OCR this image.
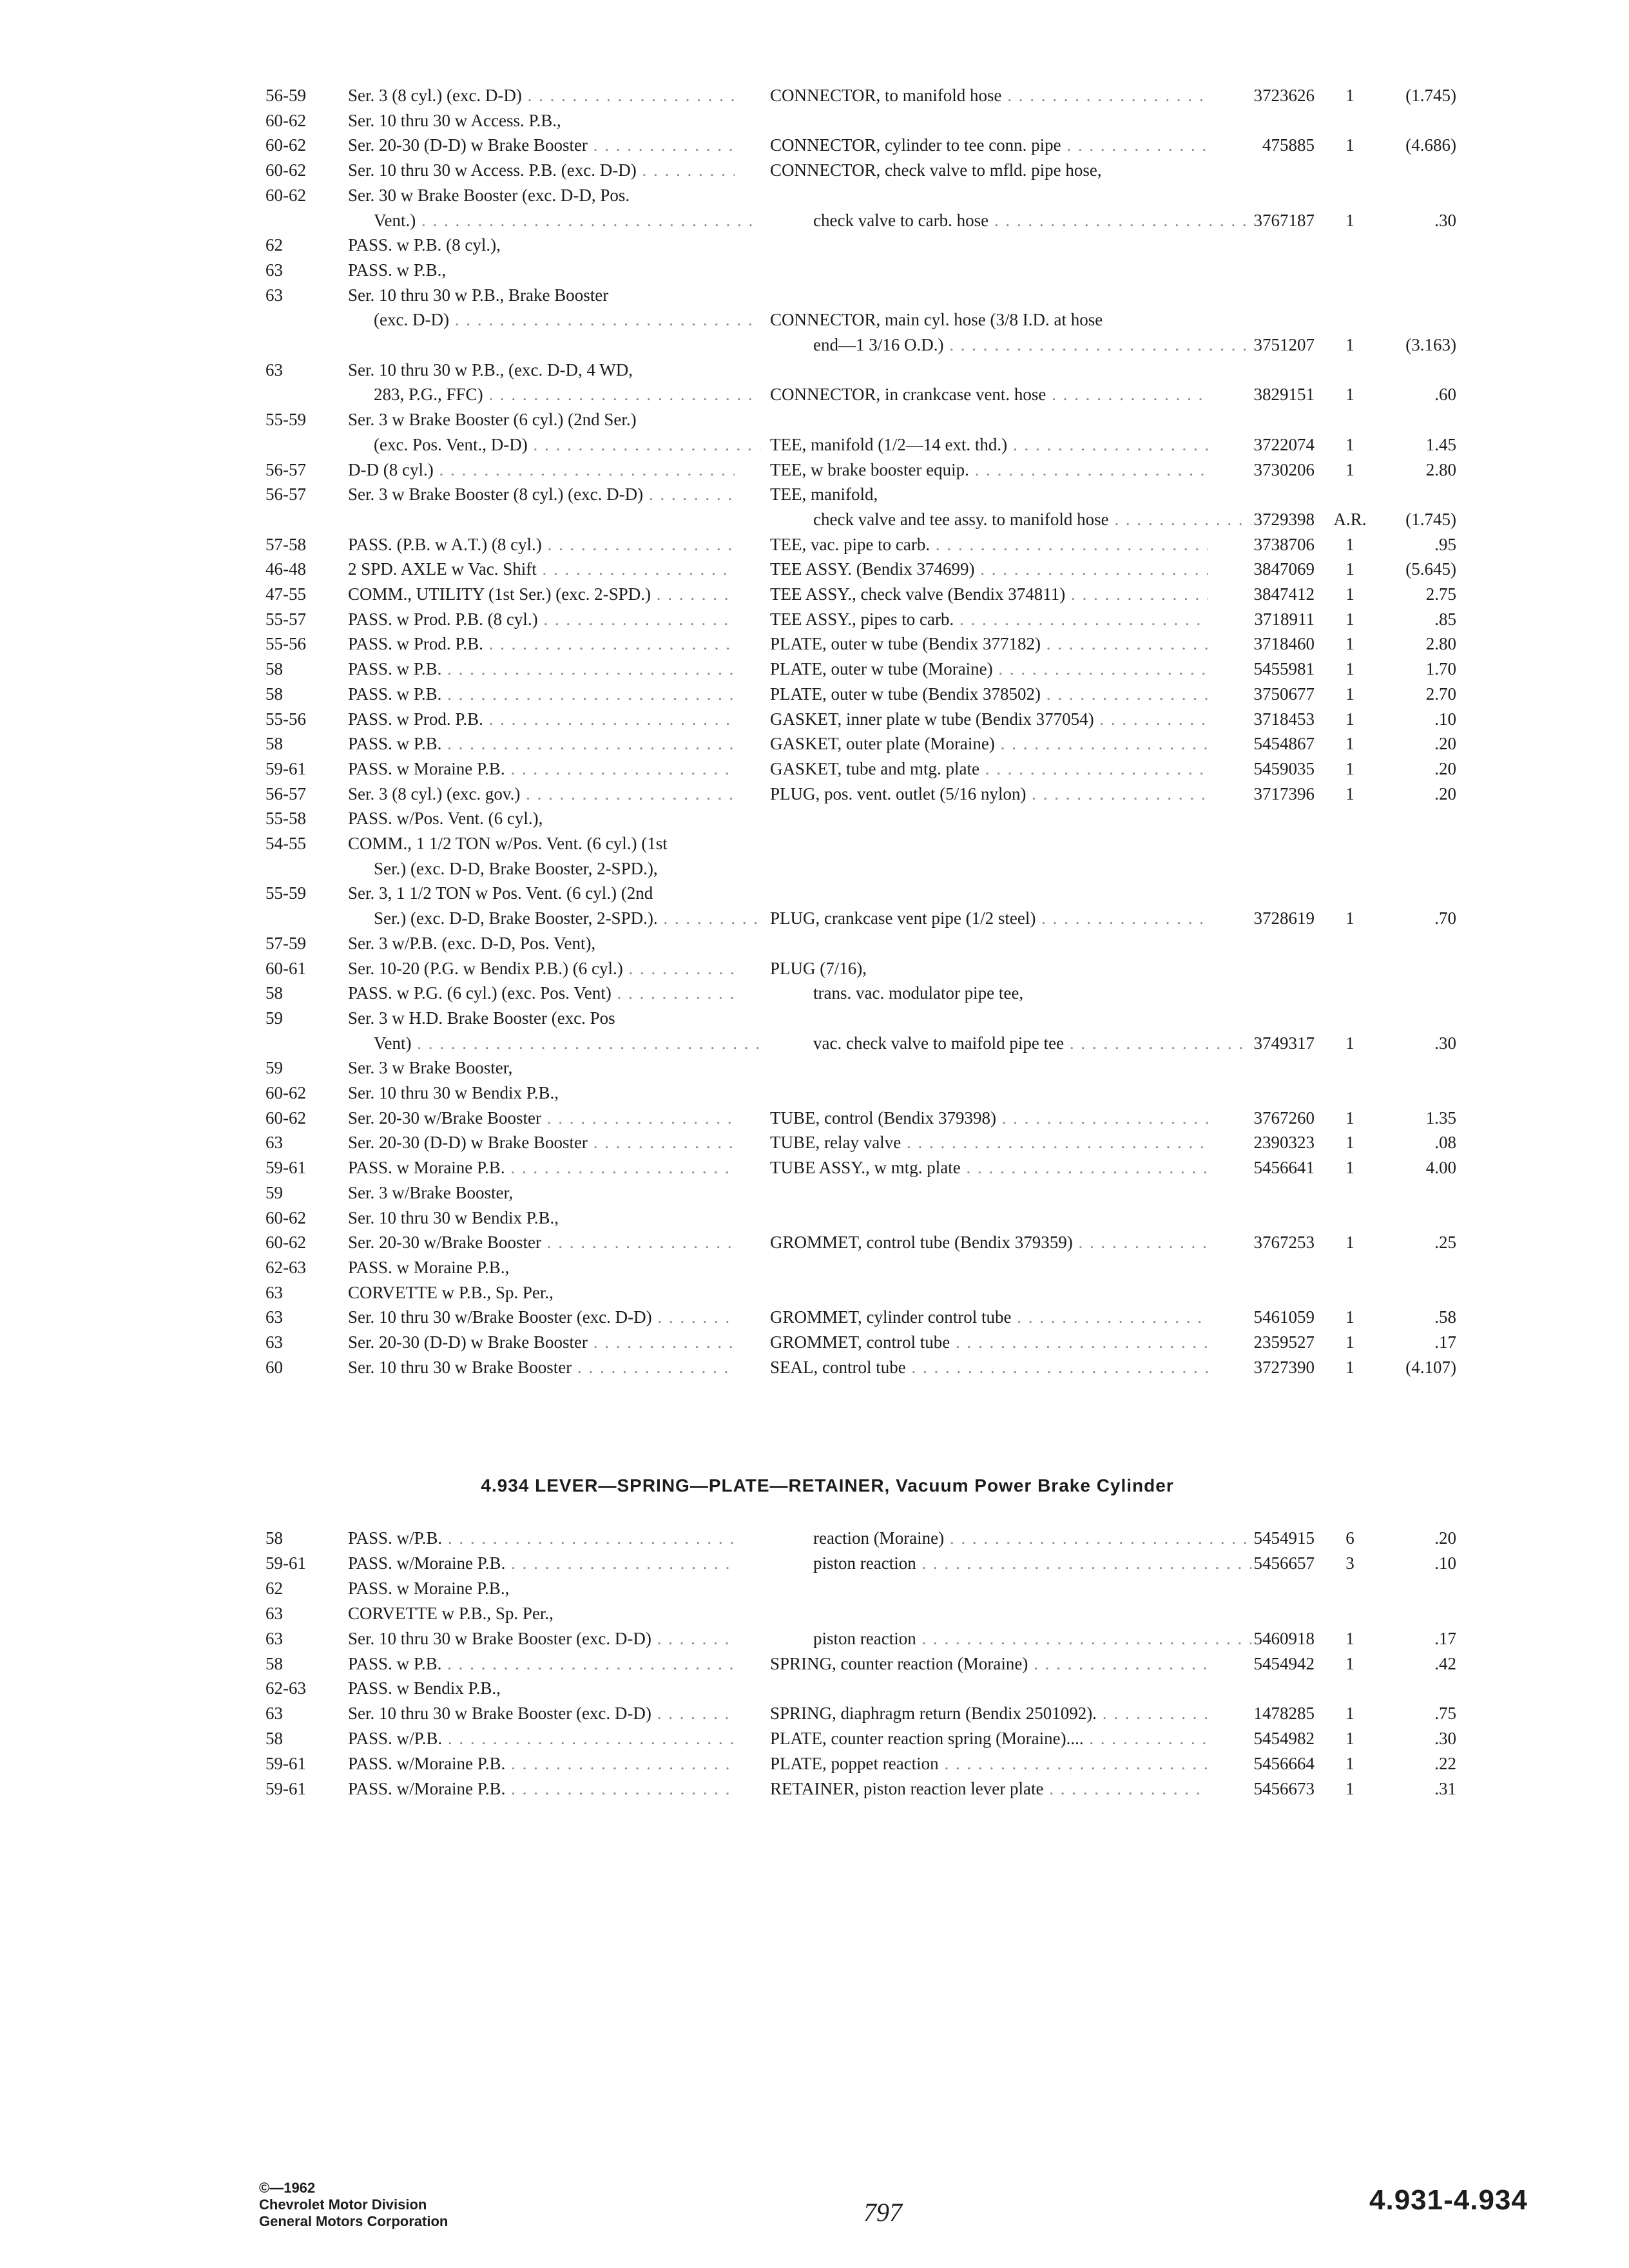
56-59 Ser. 3 (8 cyl.) (exc. D-D) . . .	CONNECTOR, to manifold hose . . .	3723626	1	(1.745)
60-62 Ser. 10 thru 30 w Access. P.B.,
60-62 Ser. 20-30 (D-D) w Brake Booster . . .	CONNECTOR, cylinder to tee conn. pipe . . .	475885	1	(4.686)
60-62 Ser. 10 thru 30 w Access. P.B. (exc. D-D) . . .	CONNECTOR, check valve to mfld. pipe hose,
60-62 Ser. 30 w Brake Booster (exc. D-D, Pos.
Vent.) . . .	check valve to carb. hose . . .	3767187	1	.30
62	PASS. w P.B. (8 cyl.),
63	PASS. w P.B.,
63	Ser. 10 thru 30 w P.B., Brake Booster
(exc. D-D) . . .	CONNECTOR, main cyl. hose (3/8 I.D. at hose
end—1 3/16 O.D.) . . .	3751207	1	(3.163)
63	Ser. 10 thru 30 w P.B., (exc. D-D, 4 WD,
283, P.G., FFC) . . .	CONNECTOR, in crankcase vent. hose . . .	3829151	1	.60
55-59 Ser. 3 w Brake Booster (6 cyl.) (2nd Ser.)
(exc. Pos. Vent., D-D) . . .	TEE, manifold (1/2—14 ext. thd.) . . .	3722074	1	1.45
56-57 D-D (8 cyl.) . . .	TEE, w brake booster equip. . . .	3730206	1	2.80
56-57 Ser. 3 w Brake Booster (8 cyl.) (exc. D-D) . . .	TEE, manifold,
check valve and tee assy. to manifold hose . . .	3729398	A.R.	(1.745)
57-58 PASS. (P.B. w A.T.) (8 cyl.) . . .	TEE, vac. pipe to carb. . . .	3738706	1	.95
46-48 2 SPD. AXLE w Vac. Shift . . .	TEE ASSY. (Bendix 374699) . . .	3847069	1	(5.645)
47-55 COMM., UTILITY (1st Ser.) (exc. 2-SPD.) . . .	TEE ASSY., check valve (Bendix 374811) . . .	3847412	1	2.75
55-57 PASS. w Prod. P.B. (8 cyl.) . . .	TEE ASSY., pipes to carb. . . .	3718911	1	.85
55-56 PASS. w Prod. P.B. . . .	PLATE, outer w tube (Bendix 377182) . . .	3718460	1	2.80
58	PASS. w P.B. . . .	PLATE, outer w tube (Moraine) . . .	5455981	1	1.70
58	PASS. w P.B. . . .	PLATE, outer w tube (Bendix 378502) . . .	3750677	1	2.70
55-56 PASS. w Prod. P.B. . . .	GASKET, inner plate w tube (Bendix 377054) . . .	3718453	1	.10
58	PASS. w P.B. . . .	GASKET, outer plate (Moraine) . . .	5454867	1	.20
59-61 PASS. w Moraine P.B. . . .	GASKET, tube and mtg. plate . . .	5459035	1	.20
56-57 Ser. 3 (8 cyl.) (exc. gov.) . . .	PLUG, pos. vent. outlet (5/16 nylon) . . .	3717396	1	.20
55-58 PASS. w/Pos. Vent. (6 cyl.),
54-55 COMM., 1 1/2 TON w/Pos. Vent. (6 cyl.) (1st
Ser.) (exc. D-D, Brake Booster, 2-SPD.),
55-59 Ser. 3, 1 1/2 TON w Pos. Vent. (6 cyl.) (2nd
Ser.) (exc. D-D, Brake Booster, 2-SPD.). . . .	PLUG, crankcase vent pipe (1/2 steel) . . .	3728619	1	.70
57-59 Ser. 3 w/P.B. (exc. D-D, Pos. Vent),
60-61 Ser. 10-20 (P.G. w Bendix P.B.) (6 cyl.) . . .	PLUG (7/16),
58	PASS. w P.G. (6 cyl.) (exc. Pos. Vent) . . .	trans. vac. modulator pipe tee,
59	Ser. 3 w H.D. Brake Booster (exc. Pos
Vent) . . .	vac. check valve to maifold pipe tee . . .	3749317	1	.30
59	Ser. 3 w Brake Booster,
60-62 Ser. 10 thru 30 w Bendix P.B.,
60-62 Ser. 20-30 w/Brake Booster . . .	TUBE, control (Bendix 379398) . . .	3767260	1	1.35
63	Ser. 20-30 (D-D) w Brake Booster . . .	TUBE, relay valve . . .	2390323	1	.08
59-61 PASS. w Moraine P.B. . . .	TUBE ASSY., w mtg. plate . . .	5456641	1	4.00
59	Ser. 3 w/Brake Booster,
60-62 Ser. 10 thru 30 w Bendix P.B.,
60-62 Ser. 20-30 w/Brake Booster . . .	GROMMET, control tube (Bendix 379359) . . .	3767253	1	.25
62-63 PASS. w Moraine P.B.,
63	CORVETTE w P.B., Sp. Per.,
63	Ser. 10 thru 30 w/Brake Booster (exc. D-D) . . .	GROMMET, cylinder control tube . . .	5461059	1	.58
63	Ser. 20-30 (D-D) w Brake Booster . . .	GROMMET, control tube . . .	2359527	1	.17
60	Ser. 10 thru 30 w Brake Booster . . .	SEAL, control tube . . .	3727390	1	(4.107)
4.934 LEVER—SPRING—PLATE—RETAINER, Vacuum Power Brake Cylinder
58	PASS. w/P.B. . . .	reaction (Moraine) . . .	5454915	6	.20
59-61 PASS. w/Moraine P.B. . . .	piston reaction . . .	5456657	3	.10
62	PASS. w Moraine P.B.,
63	CORVETTE w P.B., Sp. Per.,
63	Ser. 10 thru 30 w Brake Booster (exc. D-D) . . .	piston reaction . . .	5460918	1	.17
58	PASS. w P.B. . . .	SPRING, counter reaction (Moraine) . . .	5454942	1	.42
62-63 PASS. w Bendix P.B.,
63	Ser. 10 thru 30 w Brake Booster (exc. D-D) . . .	SPRING, diaphragm return (Bendix 2501092). . . .	1478285	1	.75
58	PASS. w/P.B. . . .	PLATE, counter reaction spring (Moraine).... . . .	5454982	1	.30
59-61 PASS. w/Moraine P.B. . . .	PLATE, poppet reaction . . .	5456664	1	.22
59-61 PASS. w/Moraine P.B. . . .	RETAINER, piston reaction lever plate . . .	5456673	1	.31
©—1962
Chevrolet Motor Division
General Motors Corporation	797	4.931-4.934
